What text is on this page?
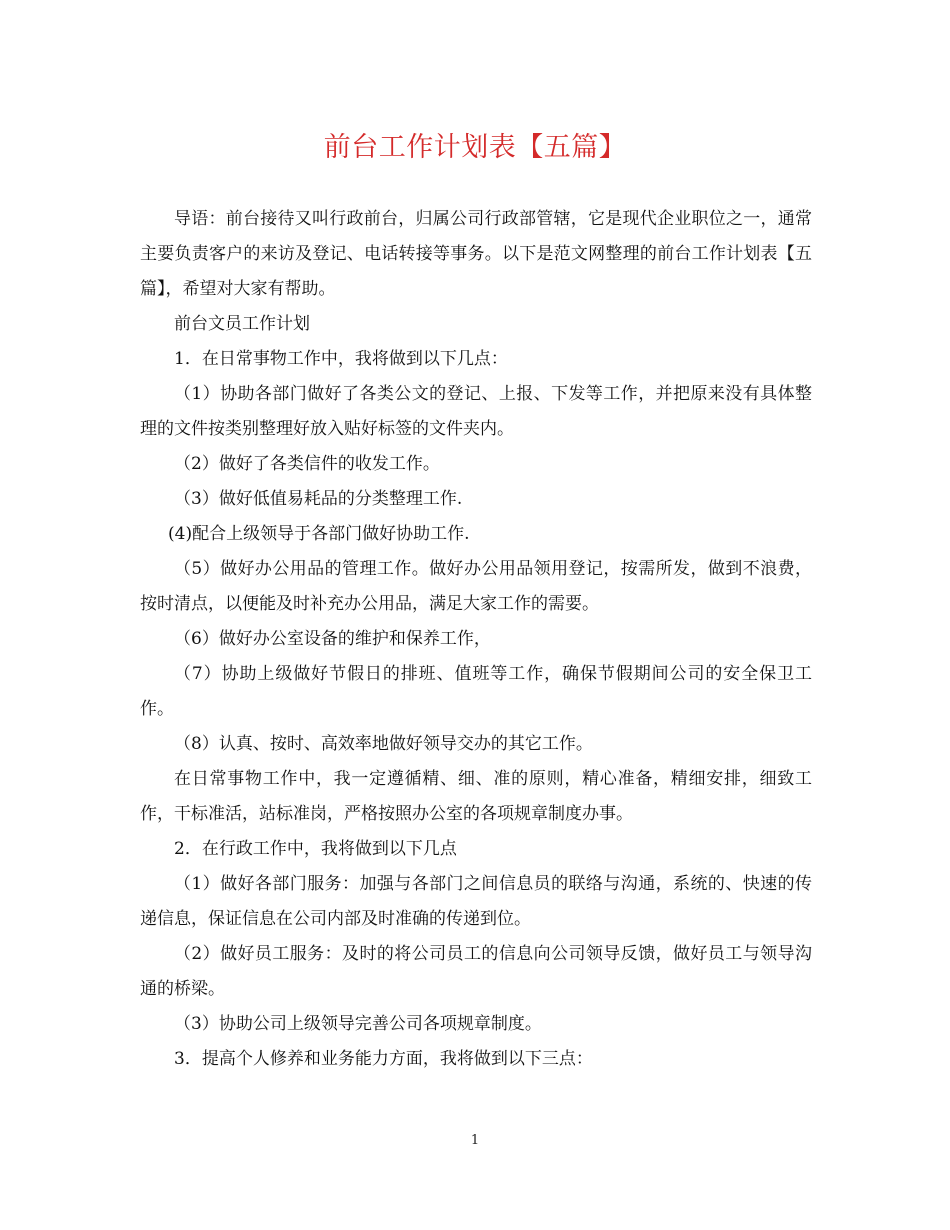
前台工作计划表【五篇】

导语：前台接待又叫行政前台，归属公司行政部管辖，它是现代企业职位之一，通常主要负责客户的来访及登记、电话转接等事务。以下是范文网整理的前台工作计划表【五篇】，希望对大家有帮助。

前台文员工作计划

1．在日常事物工作中，我将做到以下几点：

（1）协助各部门做好了各类公文的登记、上报、下发等工作，并把原来没有具体整理的文件按类别整理好放入贴好标签的文件夹内。

（2）做好了各类信件的收发工作。

（3）做好低值易耗品的分类整理工作.

(4)配合上级领导于各部门做好协助工作.

（5）做好办公用品的管理工作。做好办公用品领用登记，按需所发，做到不浪费，按时清点，以便能及时补充办公用品，满足大家工作的需要。

（6）做好办公室设备的维护和保养工作，

（7）协助上级做好节假日的排班、值班等工作，确保节假期间公司的安全保卫工作。

（8）认真、按时、高效率地做好领导交办的其它工作。

在日常事物工作中，我一定遵循精、细、准的原则，精心准备，精细安排，细致工作，干标准活，站标准岗，严格按照办公室的各项规章制度办事。

2．在行政工作中，我将做到以下几点

（1）做好各部门服务：加强与各部门之间信息员的联络与沟通，系统的、快速的传递信息，保证信息在公司内部及时准确的传递到位。

（2）做好员工服务：及时的将公司员工的信息向公司领导反馈，做好员工与领导沟通的桥梁。

（3）协助公司上级领导完善公司各项规章制度。

3．提高个人修养和业务能力方面，我将做到以下三点：

1
